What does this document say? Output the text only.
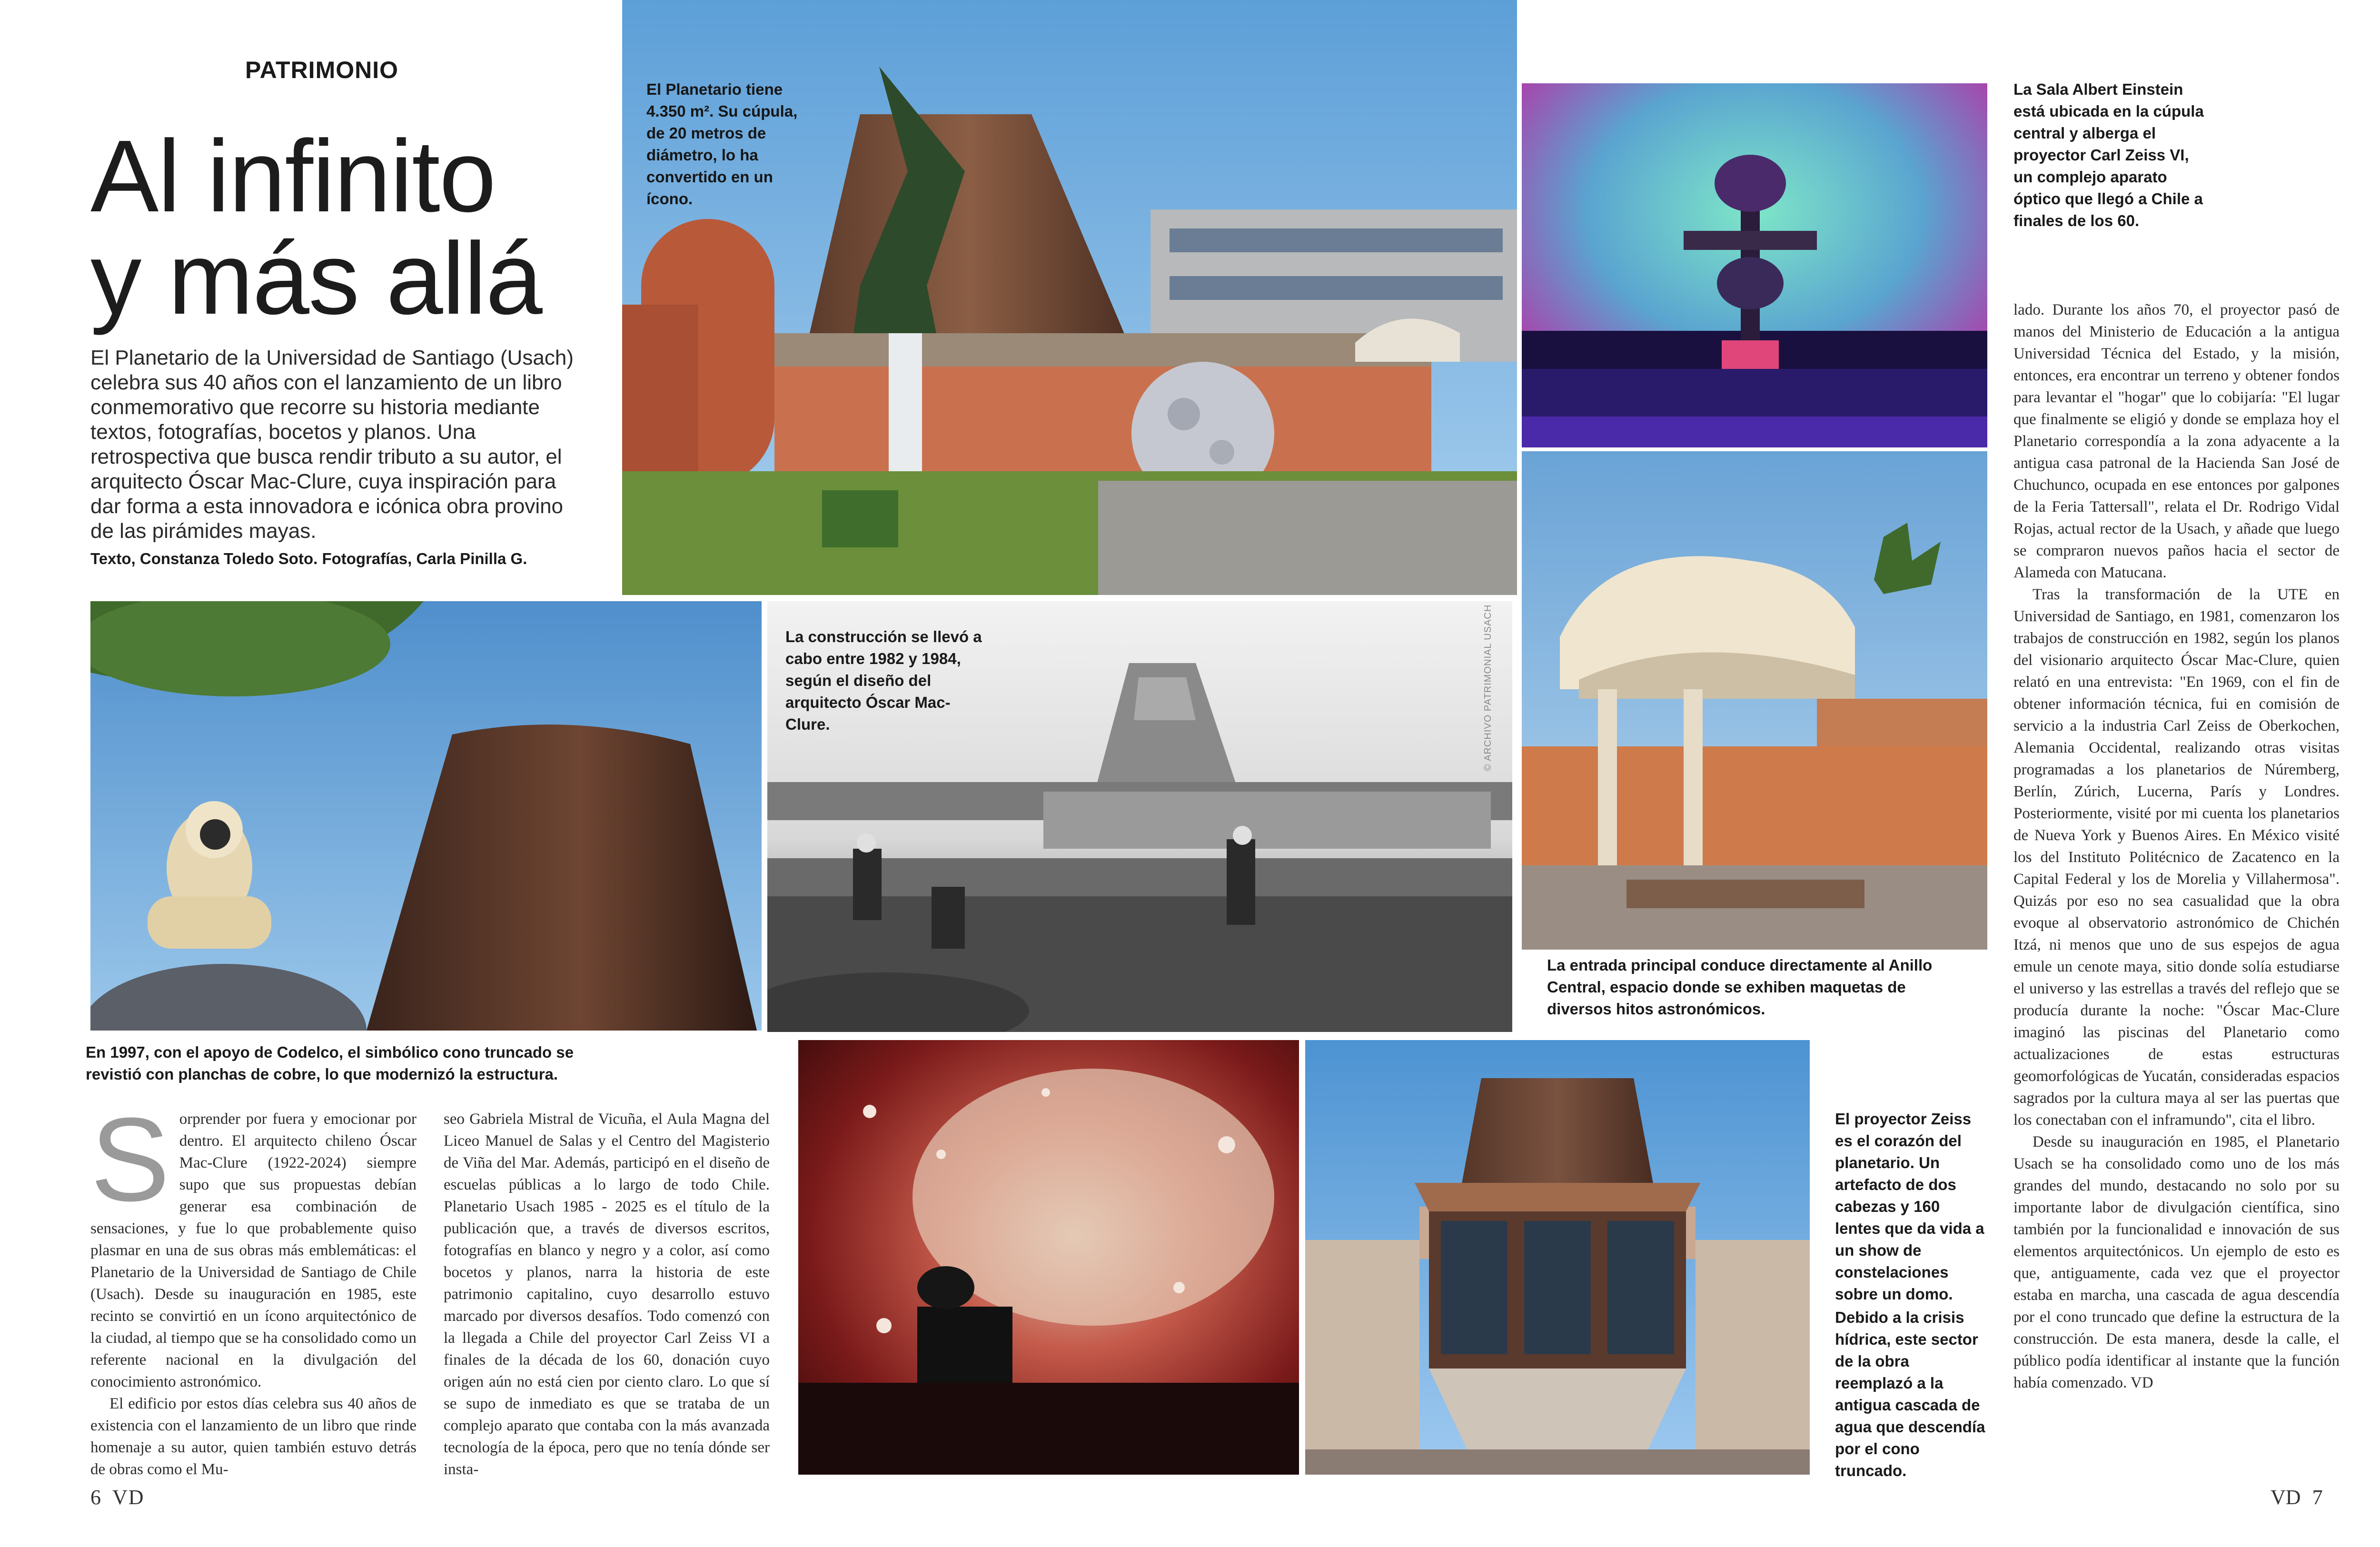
PATRIMONIO
Al infinito
y más allá
El Planetario de la Universidad de Santiago (Usach) celebra sus 40 años con el lanzamiento de un libro conmemorativo que recorre su historia mediante textos, fotografías, bocetos y planos. Una retrospectiva que busca rendir tributo a su autor, el arquitecto Óscar Mac-Clure, cuya inspiración para dar forma a esta innovadora e icónica obra provino de las pirámides mayas.
Texto, Constanza Toledo Soto. Fotografías, Carla Pinilla G.
El Planetario tiene 4.350 m². Su cúpula, de 20 metros de diámetro, lo ha convertido en un ícono.
La Sala Albert Einstein está ubicada en la cúpula central y alberga el proyector Carl Zeiss VI, un complejo aparato óptico que llegó a Chile a finales de los 60.
En 1997, con el apoyo de Codelco, el simbólico cono truncado se revistió con planchas de cobre, lo que modernizó la estructura.
La construcción se llevó a cabo entre 1982 y 1984, según el diseño del arquitecto Óscar Mac-Clure.	© ARCHIVO PATRIMONIAL USACH
La entrada principal conduce directamente al Anillo Central, espacio donde se exhiben maquetas de diversos hitos astronómicos.
El proyector Zeiss es el corazón del planetario. Un artefacto de dos cabezas y 160 lentes que da vida a un show de constelaciones sobre un domo.
Debido a la crisis hídrica, este sector de la obra reemplazó a la antigua cascada de agua que descendía por el cono truncado.

Sorprender por fuera y emocionar por dentro. El arquitecto chileno Óscar Mac-Clure (1922-2024) siempre supo que sus propuestas debían generar esa combinación de sensaciones, y fue lo que probablemente quiso plasmar en una de sus obras más emblemáticas: el Planetario de la Universidad de Santiago de Chile (Usach). Desde su inauguración en 1985, este recinto se convirtió en un ícono arquitectónico de la ciudad, al tiempo que se ha consolidado como un referente nacional en la divulgación del conocimiento astronómico.

El edificio por estos días celebra sus 40 años de existencia con el lanzamiento de un libro que rinde homenaje a su autor, quien también estuvo detrás de obras como el Mu-

seo Gabriela Mistral de Vicuña, el Aula Magna del Liceo Manuel de Salas y el Centro del Magisterio de Viña del Mar. Además, participó en el diseño de escuelas públicas a lo largo de todo Chile. Planetario Usach 1985 - 2025 es el título de la publicación que, a través de diversos escritos, fotografías en blanco y negro y a color, así como bocetos y planos, narra la historia de este patrimonio capitalino, cuyo desarrollo estuvo marcado por diversos desafíos. Todo comenzó con la llegada a Chile del proyector Carl Zeiss VI a finales de la década de los 60, donación cuyo origen aún no está cien por ciento claro. Lo que sí se supo de inmediato es que se trataba de un complejo aparato que contaba con la más avanzada tecnología de la época, pero que no tenía dónde ser insta-

lado. Durante los años 70, el proyector pasó de manos del Ministerio de Educación a la antigua Universidad Técnica del Estado, y la misión, entonces, era encontrar un terreno y obtener fondos para levantar el "hogar" que lo cobijaría: "El lugar que finalmente se eligió y donde se emplaza hoy el Planetario correspondía a la zona adyacente a la antigua casa patronal de la Hacienda San José de Chuchunco, ocupada en ese entonces por galpones de la Feria Tattersall", relata el Dr. Rodrigo Vidal Rojas, actual rector de la Usach, y añade que luego se compraron nuevos paños hacia el sector de Alameda con Matucana.

Tras la transformación de la UTE en Universidad de Santiago, en 1981, comenzaron los trabajos de construcción en 1982, según los planos del visionario arquitecto Óscar Mac-Clure, quien relató en una entrevista: "En 1969, con el fin de obtener información técnica, fui en comisión de servicio a la industria Carl Zeiss de Oberkochen, Alemania Occidental, realizando otras visitas programadas a los planetarios de Núremberg, Berlín, Zúrich, Lucerna, París y Londres. Posteriormente, visité por mi cuenta los planetarios de Nueva York y Buenos Aires. En México visité los del Instituto Politécnico de Zacatenco en la Capital Federal y los de Morelia y Villahermosa". Quizás por eso no sea casualidad que la obra evoque al observatorio astronómico de Chichén Itzá, ni menos que uno de sus espejos de agua emule un cenote maya, sitio donde solía estudiarse el universo y las estrellas a través del reflejo que se producía durante la noche: "Óscar Mac-Clure imaginó las piscinas del Planetario como actualizaciones de estas estructuras geomorfológicas de Yucatán, consideradas espacios sagrados por la cultura maya al ser las puertas que los conectaban con el inframundo", cita el libro.

Desde su inauguración en 1985, el Planetario Usach se ha consolidado como uno de los más grandes del mundo, destacando no solo por su importante labor de divulgación científica, sino también por la funcionalidad e innovación de sus elementos arquitectónicos. Un ejemplo de esto es que, antiguamente, cada vez que el proyector estaba en marcha, una cascada de agua descendía por el cono truncado que define la estructura de la construcción. De esta manera, desde la calle, el público podía identificar al instante que la función había comenzado. VD

6 VD	VD 7
